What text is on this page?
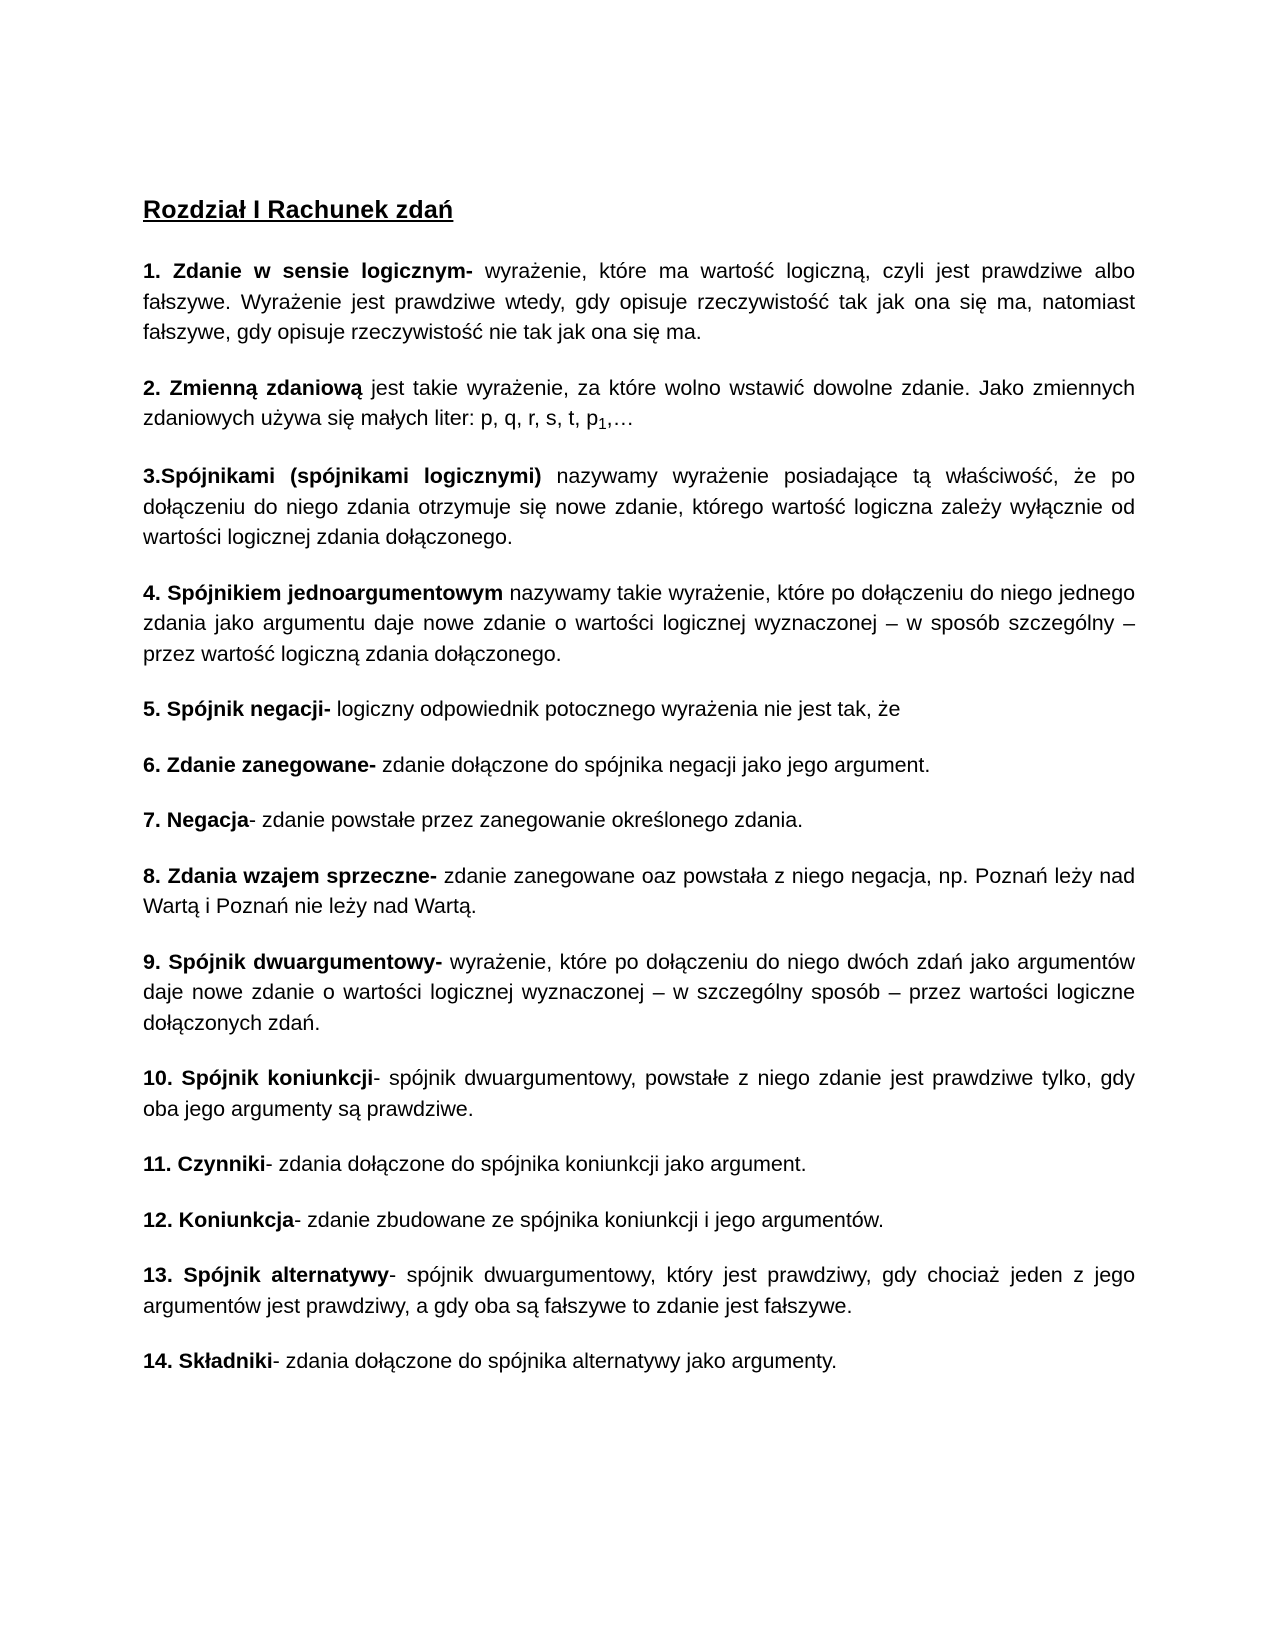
Rozdział I Rachunek zdań

1. Zdanie w sensie logicznym- wyrażenie, które ma wartość logiczną, czyli jest prawdziwe albo fałszywe. Wyrażenie jest prawdziwe wtedy, gdy opisuje rzeczywistość tak jak ona się ma, natomiast fałszywe, gdy opisuje rzeczywistość nie tak jak ona się ma.

2. Zmienną zdaniową jest takie wyrażenie, za które wolno wstawić dowolne zdanie. Jako zmiennych zdaniowych używa się małych liter: p, q, r, s, t, $p_1,\dots$

3.Spójnikami (spójnikami logicznymi) nazywamy wyrażenie posiadające tą właściwość, że po dołączeniu do niego zdania otrzymuje się nowe zdanie, którego wartość logiczna zależy wyłącznie od wartości logicznej zdania dołączonego.

4. Spójnikiem jednoargumentowym nazywamy takie wyrażenie, które po dołączeniu do niego jednego zdania jako argumentu daje nowe zdanie o wartości logicznej wyznaczonej – w sposób szczególny – przez wartość logiczną zdania dołączonego.

5. Spójnik negacji- logiczny odpowiednik potocznego wyrażenia nie jest tak, że

6. Zdanie zanegowane- zdanie dołączone do spójnika negacji jako jego argument.

7. Negacja- zdanie powstałe przez zanegowanie określonego zdania.

8. Zdania wzajem sprzeczne- zdanie zanegowane oaz powstała z niego negacja, np. Poznań leży nad Wartą i Poznań nie leży nad Wartą.

9. Spójnik dwuargumentowy- wyrażenie, które po dołączeniu do niego dwóch zdań jako argumentów daje nowe zdanie o wartości logicznej wyznaczonej – w szczególny sposób – przez wartości logiczne dołączonych zdań.

10. Spójnik koniunkcji- spójnik dwuargumentowy, powstałe z niego zdanie jest prawdziwe tylko, gdy oba jego argumenty są prawdziwe.

11. Czynniki- zdania dołączone do spójnika koniunkcji jako argument.

12. Koniunkcja- zdanie zbudowane ze spójnika koniunkcji i jego argumentów.

13. Spójnik alternatywy- spójnik dwuargumentowy, który jest prawdziwy, gdy chociaż jeden z jego argumentów jest prawdziwy, a gdy oba są fałszywe to zdanie jest fałszywe.

14. Składniki- zdania dołączone do spójnika alternatywy jako argumenty.
